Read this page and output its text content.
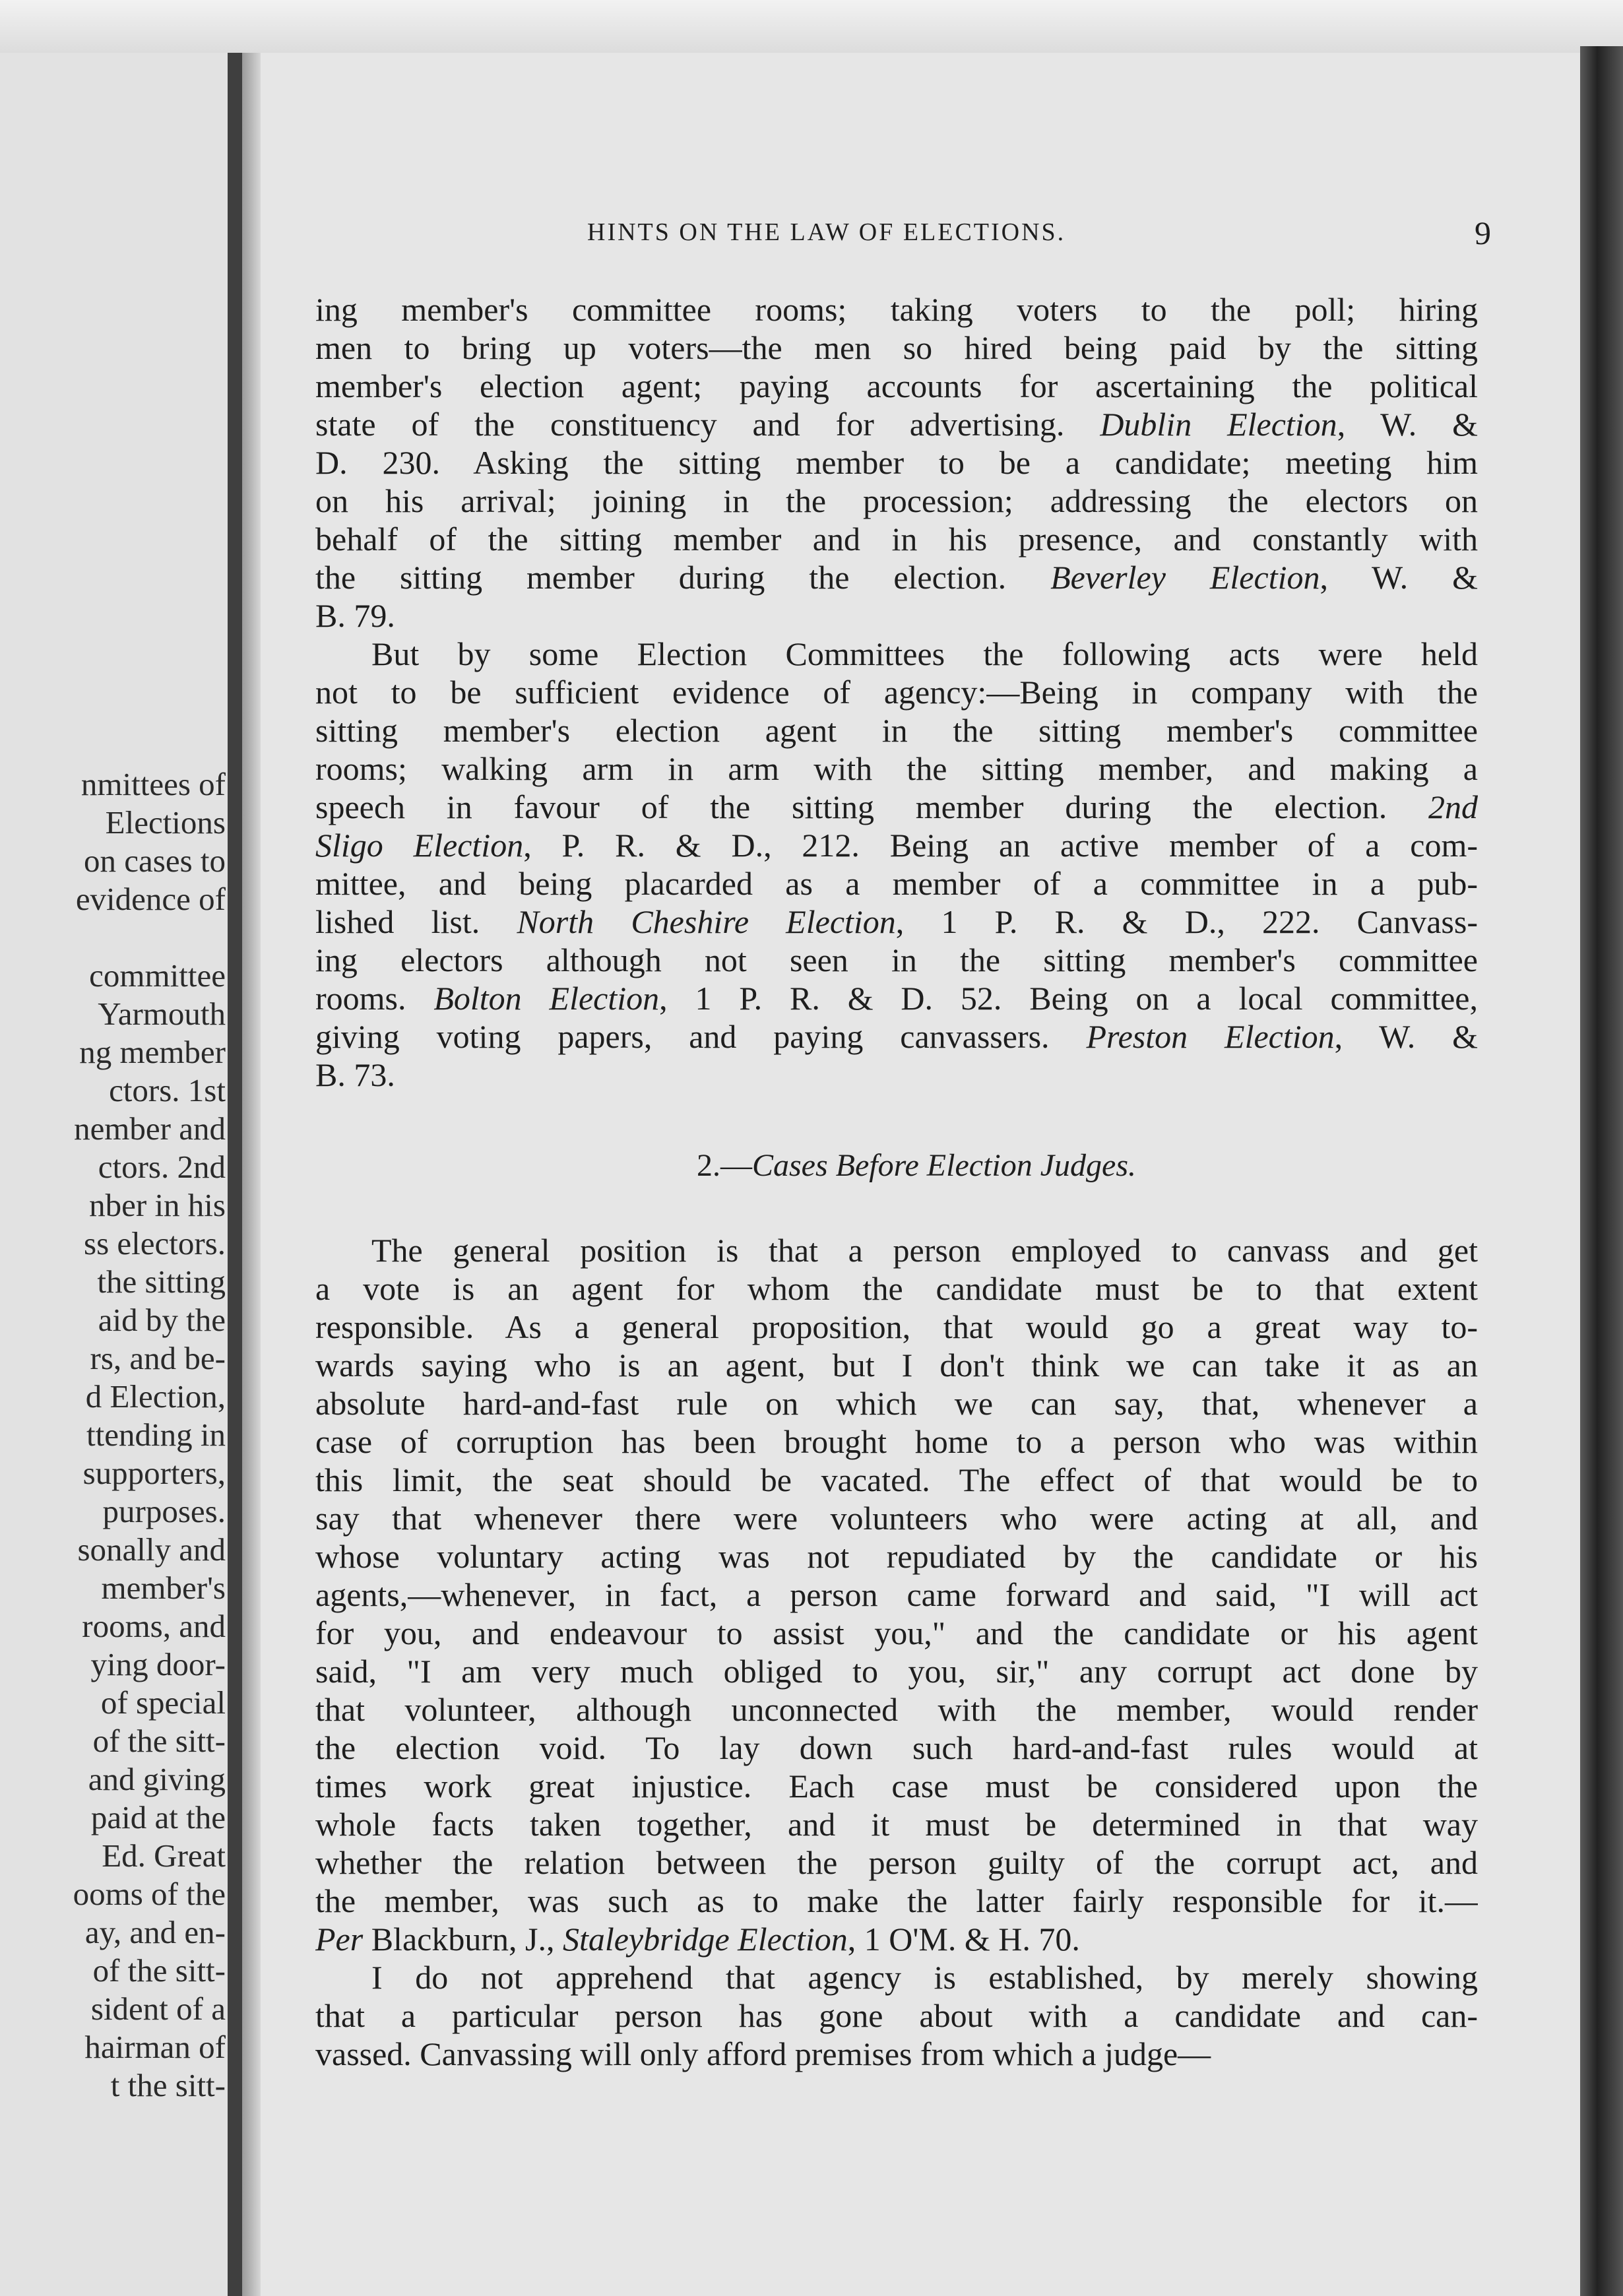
nmittees of
Elections
on cases to
evidence of
committee
Yarmouth
ng member
ctors. 1st
nember and
ctors. 2nd
nber in his
ss electors.
the sitting
aid by the
rs, and be-
d Election,
ttending in
supporters,
purposes.
sonally and
member's
rooms, and
ying door-
of special
of the sitt-
and giving
paid at the
Ed. Great
ooms of the
ay, and en-
of the sitt-
sident of a
hairman of
t the sitt-
HINTS ON THE LAW OF ELECTIONS.	9
ing member's committee rooms; taking voters to the poll; hiring
men to bring up voters—the men so hired being paid by the sitting
member's election agent; paying accounts for ascertaining the political
state of the constituency and for advertising. Dublin Election, W. &
D. 230. Asking the sitting member to be a candidate; meeting him
on his arrival; joining in the procession; addressing the electors on
behalf of the sitting member and in his presence, and constantly with
the sitting member during the election. Beverley Election, W. &
B. 79.
But by some Election Committees the following acts were held
not to be sufficient evidence of agency:—Being in company with the
sitting member's election agent in the sitting member's committee
rooms; walking arm in arm with the sitting member, and making a
speech in favour of the sitting member during the election. 2nd
Sligo Election, P. R. & D., 212. Being an active member of a com-
mittee, and being placarded as a member of a committee in a pub-
lished list. North Cheshire Election, 1 P. R. & D., 222. Canvass-
ing electors although not seen in the sitting member's committee
rooms. Bolton Election, 1 P. R. & D. 52. Being on a local committee,
giving voting papers, and paying canvassers. Preston Election, W. &
B. 73.
2.—Cases Before Election Judges.
The general position is that a person employed to canvass and get
a vote is an agent for whom the candidate must be to that extent
responsible. As a general proposition, that would go a great way to-
wards saying who is an agent, but I don't think we can take it as an
absolute hard-and-fast rule on which we can say, that, whenever a
case of corruption has been brought home to a person who was within
this limit, the seat should be vacated. The effect of that would be to
say that whenever there were volunteers who were acting at all, and
whose voluntary acting was not repudiated by the candidate or his
agents,—whenever, in fact, a person came forward and said, "I will act
for you, and endeavour to assist you," and the candidate or his agent
said, "I am very much obliged to you, sir," any corrupt act done by
that volunteer, although unconnected with the member, would render
the election void. To lay down such hard-and-fast rules would at
times work great injustice. Each case must be considered upon the
whole facts taken together, and it must be determined in that way
whether the relation between the person guilty of the corrupt act, and
the member, was such as to make the latter fairly responsible for it.—
Per Blackburn, J., Staleybridge Election, 1 O'M. & H. 70.
I do not apprehend that agency is established, by merely showing
that a particular person has gone about with a candidate and can-
vassed. Canvassing will only afford premises from which a judge—
